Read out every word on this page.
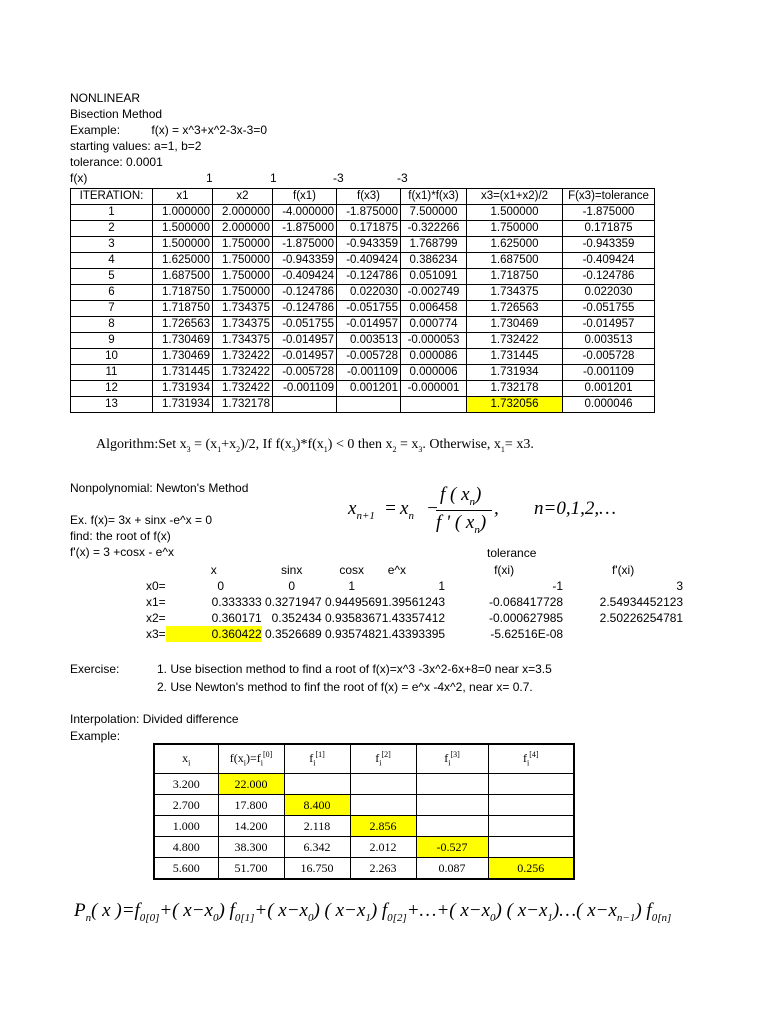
NONLINEAR
Bisection Method
Example:	f(x) = x^3+x^2-3x-3=0
starting values: a=1, b=2
tolerance: 0.0001
f(x)	1	1	-3	-3
ITERATION:	x1	x2	f(x1)	f(x3)	f(x1)*f(x3)	x3=(x1+x2)/2	F(x3)=tolerance
1	1.000000	2.000000	-4.000000	-1.875000	7.500000	1.500000	-1.875000
2	1.500000	2.000000	-1.875000	0.171875	-0.322266	1.750000	0.171875
3	1.500000	1.750000	-1.875000	-0.943359	1.768799	1.625000	-0.943359
4	1.625000	1.750000	-0.943359	-0.409424	0.386234	1.687500	-0.409424
5	1.687500	1.750000	-0.409424	-0.124786	0.051091	1.718750	-0.124786
6	1.718750	1.750000	-0.124786	0.022030	-0.002749	1.734375	0.022030
7	1.718750	1.734375	-0.124786	-0.051755	0.006458	1.726563	-0.051755
8	1.726563	1.734375	-0.051755	-0.014957	0.000774	1.730469	-0.014957
9	1.730469	1.734375	-0.014957	0.003513	-0.000053	1.732422	0.003513
10	1.730469	1.732422	-0.014957	-0.005728	0.000086	1.731445	-0.005728
11	1.731445	1.732422	-0.005728	-0.001109	0.000006	1.731934	-0.001109
12	1.731934	1.732422	-0.001109	0.001201	-0.000001	1.732178	0.001201
13	1.731934	1.732178				1.732056	0.000046
Algorithm:Set $x_3 = (x_1+x_2)/2$, If $f(x_3)*f(x_1) < 0$ then $x_2 = x_3$. Otherwise, $x_1= x3$.
Nonpolynomial: Newton's Method
Ex. f(x)= 3x + sinx -e^x = 0
find: the root of f(x)
f'(x) = 3 +cosx - e^x	tolerance
$x_{n+1} = x_n$ −
f ( $x_n$)
f ' ( $x_n$)
, n=0,1,2,…
	x	sinx	cosx	e^x	f(xi)	f'(xi)
x0=	0	0	1	1	-1	3
x1=	0.333333	0.3271947	0.9449569	1.39561243	-0.068417728	2.54934452123
x2=	0.360171	0.352434	0.9358367	1.43357412	-0.000627985	2.50226254781
x3=	0.360422	0.3526689	0.9357482	1.43393395	-5.62516E-08	
Exercise:	1. Use bisection method to find a root of f(x)=x^3 -3x^2-6x+8=0 near x=3.5
2. Use Newton's method to finf the root of f(x) = e^x -4x^2, near x= 0.7.
Interpolation: Divided difference
Example:
$x_i$	$f(x_i)=f_i[0]$	$f_i[1]$	$f_i[2]$	$f_i[3]$	$f_i[4]$
3.200	22.000				
2.700	17.800	8.400			
1.000	14.200	2.118	2.856		
4.800	38.300	6.342	2.012	-0.527	
5.600	51.700	16.750	2.263	0.087	0.256
$P_n$( x )$=f_{0[0]}+$( $x-x_0$) $f_{0[1]}+$( $x-x_0$) ( $x-x_1$) $f_{0[2]}+\dots+$( $x-x_0$) ( $x-x_1)\dots$( $x-x_{n-1}$) $f_{0[n]}$
